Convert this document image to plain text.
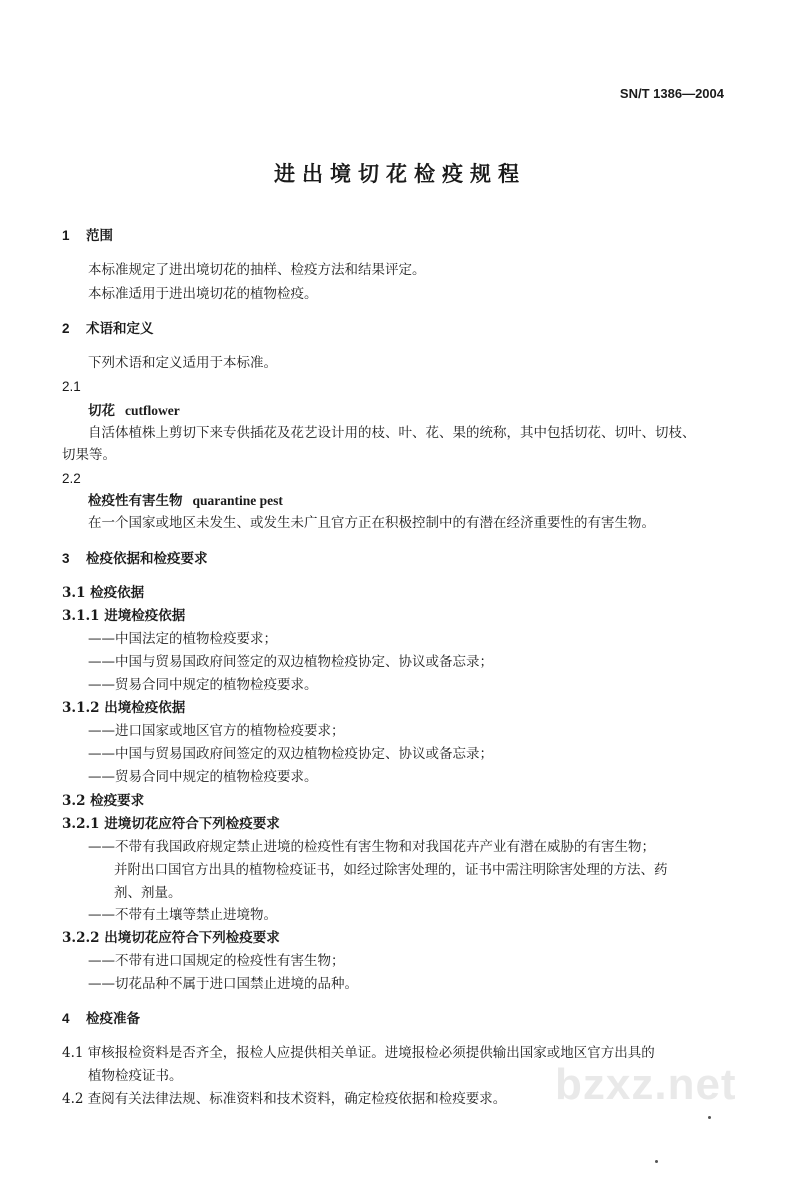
SN/T 1386—2004
进出境切花检疫规程
1 范围
本标准规定了进出境切花的抽样、检疫方法和结果评定。
本标准适用于进出境切花的植物检疫。
2 术语和定义
下列术语和定义适用于本标准。
2.1
切花 cutflower
自活体植株上剪切下来专供插花及花艺设计用的枝、叶、花、果的统称，其中包括切花、切叶、切枝、
切果等。
2.2
检疫性有害生物 quarantine pest
在一个国家或地区未发生、或发生未广且官方正在积极控制中的有潜在经济重要性的有害生物。
3 检疫依据和检疫要求
3.1 检疫依据
3.1.1 进境检疫依据
——中国法定的植物检疫要求；
——中国与贸易国政府间签定的双边植物检疫协定、协议或备忘录；
——贸易合同中规定的植物检疫要求。
3.1.2 出境检疫依据
——进口国家或地区官方的植物检疫要求；
——中国与贸易国政府间签定的双边植物检疫协定、协议或备忘录；
——贸易合同中规定的植物检疫要求。
3.2 检疫要求
3.2.1 进境切花应符合下列检疫要求
——不带有我国政府规定禁止进境的检疫性有害生物和对我国花卉产业有潜在威胁的有害生物；
并附出口国官方出具的植物检疫证书，如经过除害处理的，证书中需注明除害处理的方法、药
剂、剂量。
——不带有土壤等禁止进境物。
3.2.2 出境切花应符合下列检疫要求
——不带有进口国规定的检疫性有害生物；
——切花品种不属于进口国禁止进境的品种。
4 检疫准备
4.1 审核报检资料是否齐全，报检人应提供相关单证。进境报检必须提供输出国家或地区官方出具的
植物检疫证书。
4.2 查阅有关法律法规、标准资料和技术资料，确定检疫依据和检疫要求。 bzxz.net
